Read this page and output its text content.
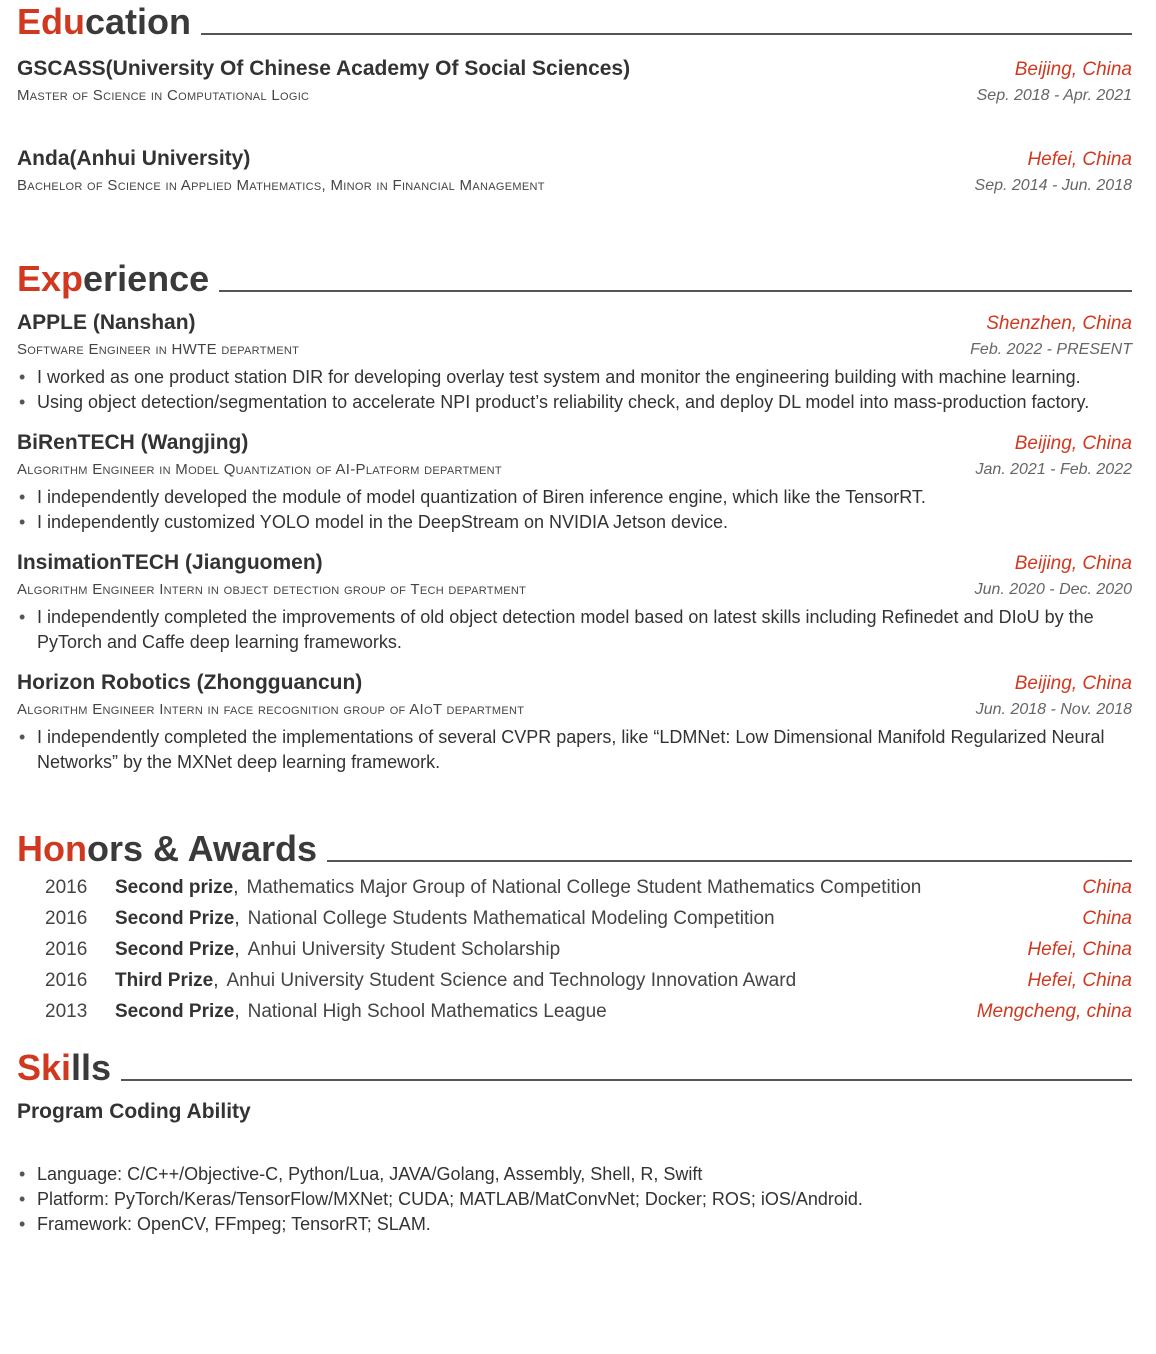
Education
GSCASS(University Of Chinese Academy Of Social Sciences)	Beijing, China
Master of Science in Computational Logic	Sep. 2018 - Apr. 2021
Anda(Anhui University)	Hefei, China
Bachelor of Science in Applied Mathematics, Minor in Financial Management	Sep. 2014 - Jun. 2018
Experience
APPLE (Nanshan)	Shenzhen, China
Software Engineer in HWTE department	Feb. 2022 - PRESENT
• I worked as one product station DIR for developing overlay test system and monitor the engineering building with machine learning.
• Using object detection/segmentation to accelerate NPI product’s reliability check, and deploy DL model into mass-production factory.
BiRenTECH (Wangjing)	Beijing, China
Algorithm Engineer in Model Quantization of AI-Platform department	Jan. 2021 - Feb. 2022
• I independently developed the module of model quantization of Biren inference engine, which like the TensorRT.
• I independently customized YOLO model in the DeepStream on NVIDIA Jetson device.
InsimationTECH (Jianguomen)	Beijing, China
Algorithm Engineer Intern in object detection group of Tech department	Jun. 2020 - Dec. 2020
• I independently completed the improvements of old object detection model based on latest skills including Refinedet and DIoU by the PyTorch and Caffe deep learning frameworks.
Horizon Robotics (Zhongguancun)	Beijing, China
Algorithm Engineer Intern in face recognition group of AIoT department	Jun. 2018 - Nov. 2018
• I independently completed the implementations of several CVPR papers, like “LDMNet: Low Dimensional Manifold Regularized Neural Networks” by the MXNet deep learning framework.
Honors & Awards
2016	Second prize , Mathematics Major Group of National College Student Mathematics Competition	China
2016	Second Prize , National College Students Mathematical Modeling Competition	China
2016	Second Prize , Anhui University Student Scholarship	Hefei, China
2016	Third Prize , Anhui University Student Science and Technology Innovation Award	Hefei, China
2013	Second Prize , National High School Mathematics League	Mengcheng, china
Skills
Program Coding Ability
• Language: C/C++/Objective-C, Python/Lua, JAVA/Golang, Assembly, Shell, R, Swift
• Platform: PyTorch/Keras/TensorFlow/MXNet; CUDA; MATLAB/MatConvNet; Docker; ROS; iOS/Android.
• Framework: OpenCV, FFmpeg; TensorRT; SLAM.
